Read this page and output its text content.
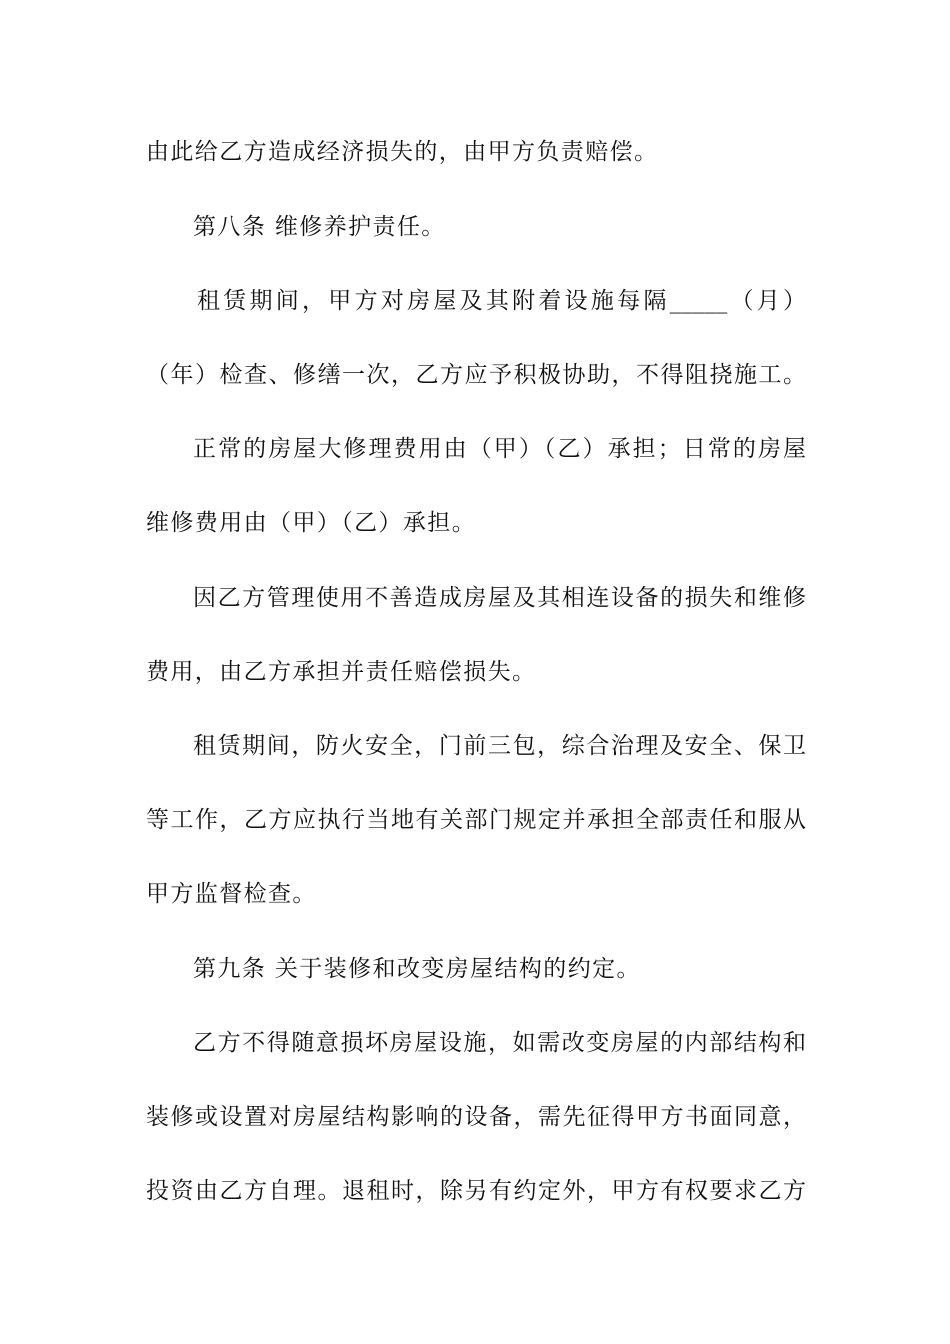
由此给乙方造成经济损失的，由甲方负责赔偿。
第八条 维修养护责任。
租赁期间，甲方对房屋及其附着设施每隔_____（月）
（年）检查、修缮一次，乙方应予积极协助，不得阻挠施工。
正常的房屋大修理费用由（甲）（乙）承担；日常的房屋
维修费用由（甲）（乙）承担。
因乙方管理使用不善造成房屋及其相连设备的损失和维修
费用，由乙方承担并责任赔偿损失。
租赁期间，防火安全，门前三包，综合治理及安全、保卫
等工作，乙方应执行当地有关部门规定并承担全部责任和服从
甲方监督检查。
第九条 关于装修和改变房屋结构的约定。
乙方不得随意损坏房屋设施，如需改变房屋的内部结构和
装修或设置对房屋结构影响的设备，需先征得甲方书面同意，
投资由乙方自理。退租时，除另有约定外，甲方有权要求乙方
